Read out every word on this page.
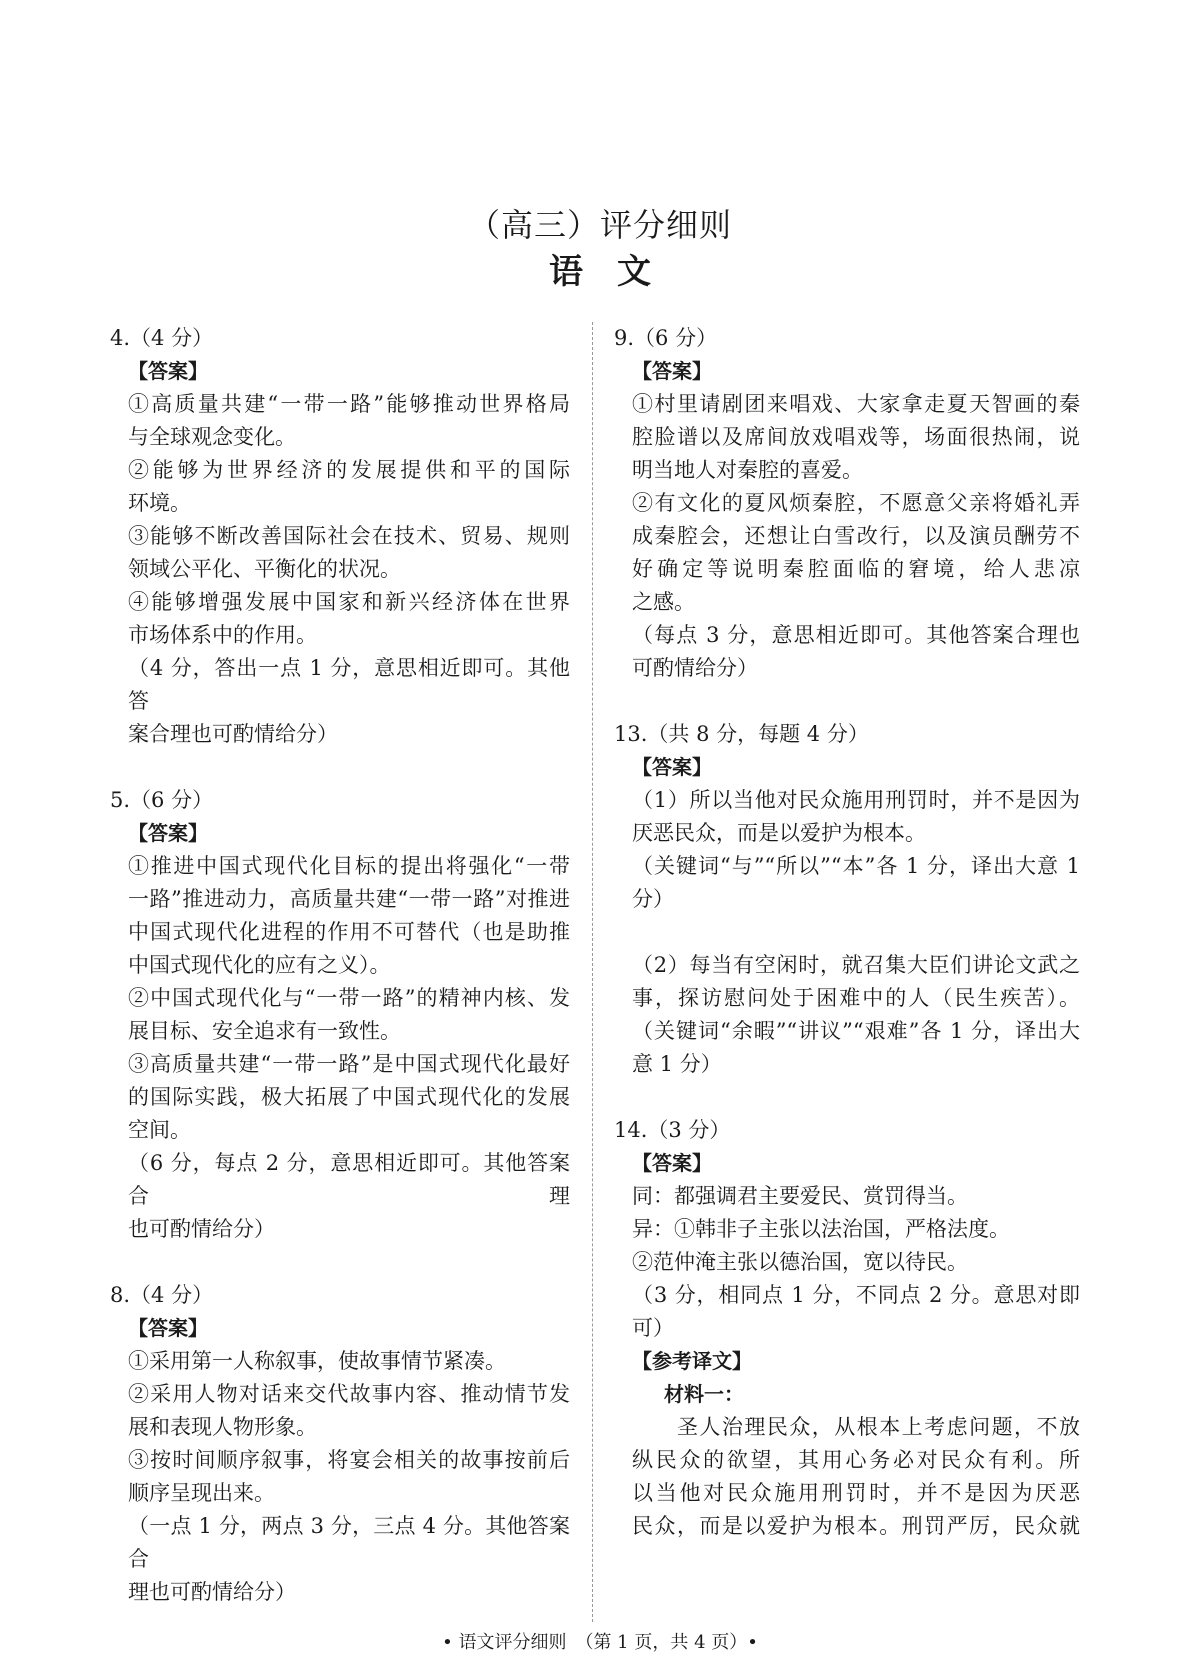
（高三）评分细则
语文
4.（4 分）
【答案】
①高质量共建“一带一路”能够推动世界格局
与全球观念变化。
②能够为世界经济的发展提供和平的国际
环境。
③能够不断改善国际社会在技术、贸易、规则
领域公平化、平衡化的状况。
④能够增强发展中国家和新兴经济体在世界
市场体系中的作用。
（4 分，答出一点 1 分，意思相近即可。其他答
案合理也可酌情给分）
5.（6 分）
【答案】
①推进中国式现代化目标的提出将强化“一带
一路”推进动力，高质量共建“一带一路”对推进
中国式现代化进程的作用不可替代（也是助推
中国式现代化的应有之义）。
②中国式现代化与“一带一路”的精神内核、发
展目标、安全追求有一致性。
③高质量共建“一带一路”是中国式现代化最好
的国际实践，极大拓展了中国式现代化的发展
空间。
（6 分，每点 2 分，意思相近即可。其他答案合理
也可酌情给分）
8.（4 分）
【答案】
①采用第一人称叙事，使故事情节紧凑。
②采用人物对话来交代故事内容、推动情节发
展和表现人物形象。
③按时间顺序叙事，将宴会相关的故事按前后
顺序呈现出来。
（一点 1 分，两点 3 分，三点 4 分。其他答案合
理也可酌情给分）
9.（6 分）
【答案】
①村里请剧团来唱戏、大家拿走夏天智画的秦
腔脸谱以及席间放戏唱戏等，场面很热闹，说
明当地人对秦腔的喜爱。
②有文化的夏风烦秦腔，不愿意父亲将婚礼弄
成秦腔会，还想让白雪改行，以及演员酬劳不
好确定等说明秦腔面临的窘境，给人悲凉
之感。
（每点 3 分，意思相近即可。其他答案合理也
可酌情给分）
13.（共 8 分，每题 4 分）
【答案】
（1）所以当他对民众施用刑罚时，并不是因为
厌恶民众，而是以爱护为根本。
（关键词“与”“所以”“本”各 1 分，译出大意 1
分）
（2）每当有空闲时，就召集大臣们讲论文武之
事，探访慰问处于困难中的人（民生疾苦）。
（关键词“余暇”“讲议”“艰难”各 1 分，译出大
意 1 分）
14.（3 分）
【答案】
同：都强调君主要爱民、赏罚得当。
异：①韩非子主张以法治国，严格法度。
②范仲淹主张以德治国，宽以待民。
（3 分，相同点 1 分，不同点 2 分。意思对即可）
【参考译文】
材料一：
　　圣人治理民众，从根本上考虑问题，不放
纵民众的欲望，其用心务必对民众有利。所
以当他对民众施用刑罚时，并不是因为厌恶
民众，而是以爱护为根本。刑罚严厉，民众就
• 语文评分细则　（第 1 页，共 4 页）•
